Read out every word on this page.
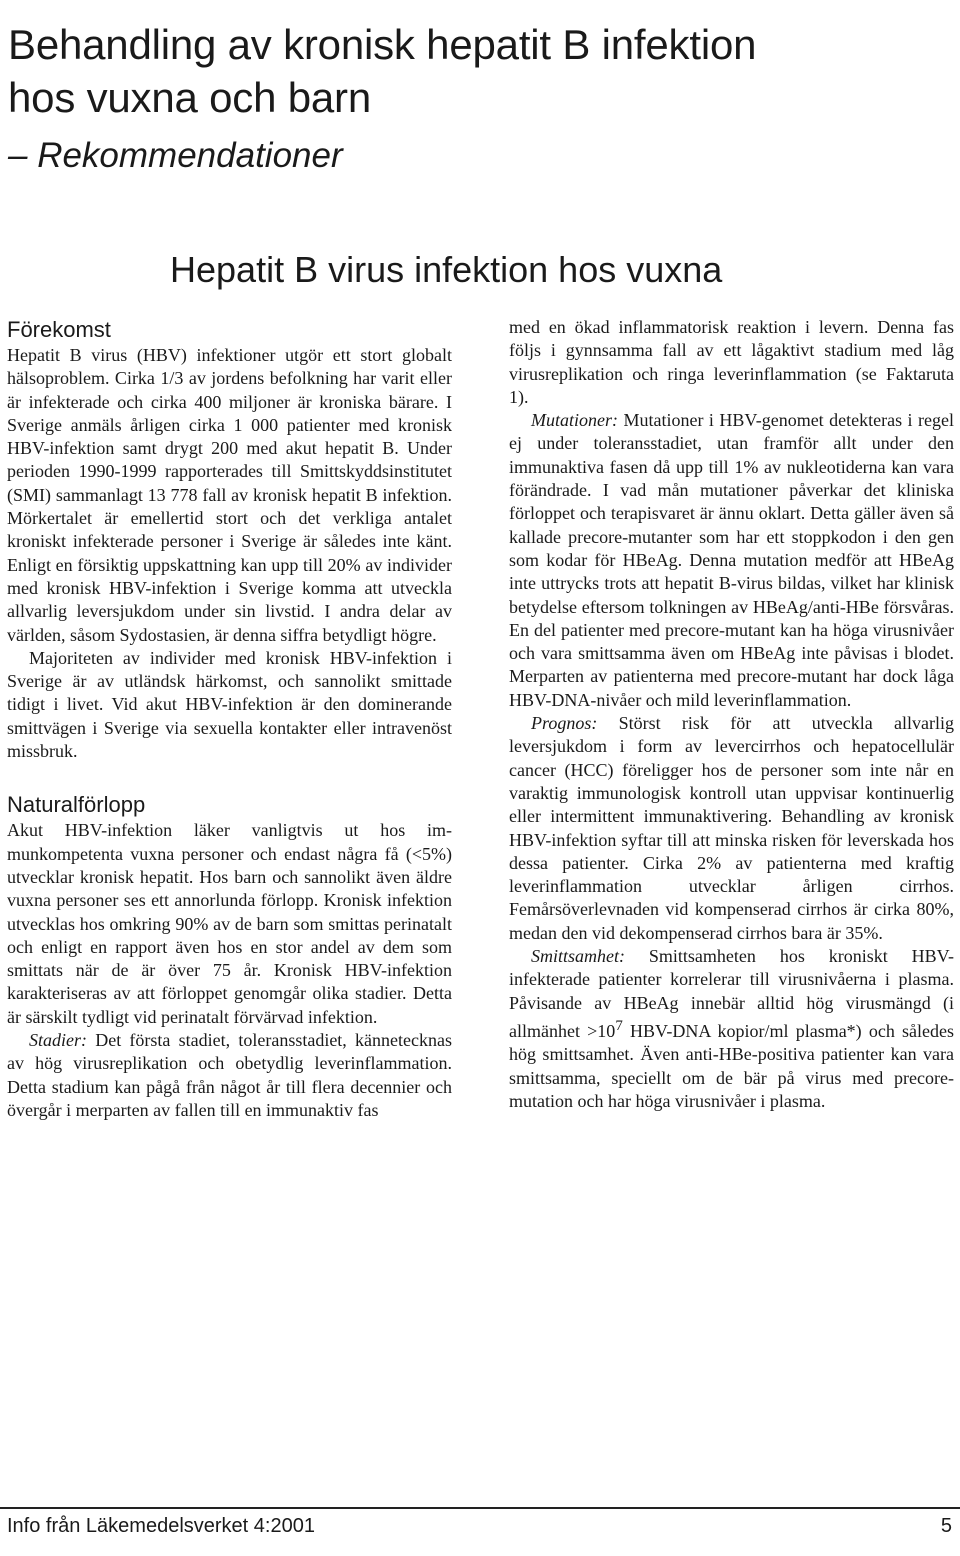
Behandling av kronisk hepatit B infektion
hos vuxna och barn
– Rekommendationer
Hepatit B virus infektion hos vuxna
Förekomst

Hepatit B virus (HBV) infektioner utgör ett stort globalt hälsoproblem. Cirka 1/3 av jordens befolkning har varit eller är infekterade och cirka 400 miljoner är kroniska bärare. I Sverige anmäls årligen cirka 1 000 patienter med kronisk HBV-infektion samt drygt 200 med akut hepatit B. Under perioden 1990-1999 rapporterades till Smittskyddsinstitutet (SMI) sammanlagt 13 778 fall av kronisk hepatit B infektion. Mörkertalet är emellertid stort och det verkliga antalet kroniskt infekterade personer i Sverige är således inte känt. Enligt en försiktig uppskattning kan upp till 20% av individer med kronisk HBV-infektion i Sverige komma att utveckla allvarlig leversjukdom under sin livstid. I andra delar av världen, såsom Sydostasien, är denna siffra betydligt högre.

Majoriteten av individer med kronisk HBV-infektion i Sverige är av utländsk härkomst, och sannolikt smittade tidigt i livet. Vid akut HBV-infektion är den dominerande smittvägen i Sverige via sexuella kontakter eller intravenöst missbruk.

Naturalförlopp

Akut HBV-infektion läker vanligtvis ut hos immunkompetenta vuxna personer och endast några få (<5%) utvecklar kronisk hepatit. Hos barn och sannolikt även äldre vuxna personer ses ett annorlunda förlopp. Kronisk infektion utvecklas hos omkring 90% av de barn som smittas perinatalt och enligt en rapport även hos en stor andel av dem som smittats när de är över 75 år. Kronisk HBV-infektion karakteriseras av att förloppet genomgår olika stadier. Detta är särskilt tydligt vid perinatalt förvärvad infektion.

Stadier: Det första stadiet, toleransstadiet, kännetecknas av hög virusreplikation och obetydlig leverinflammation. Detta stadium kan pågå från något år till flera decennier och övergår i merparten av fallen till en immunaktiv fas

med en ökad inflammatorisk reaktion i levern. Denna fas följs i gynnsamma fall av ett lågaktivt stadium med låg virusreplikation och ringa leverinflammation (se Faktaruta 1).

Mutationer: Mutationer i HBV-genomet detekteras i regel ej under toleransstadiet, utan framför allt under den immunaktiva fasen då upp till 1% av nukleotiderna kan vara förändrade. I vad mån mutationer påverkar det kliniska förloppet och terapisvaret är ännu oklart. Detta gäller även så kallade precore-mutanter som har ett stoppkodon i den gen som kodar för HBeAg. Denna mutation medför att HBeAg inte uttrycks trots att hepatit B-virus bildas, vilket har klinisk betydelse eftersom tolkningen av HBeAg/anti-HBe försvåras. En del patienter med precore-mutant kan ha höga virusnivåer och vara smittsamma även om HBeAg inte påvisas i blodet. Merparten av patienterna med precore-mutant har dock låga HBV-DNA-nivåer och mild leverinflammation.

Prognos: Störst risk för att utveckla allvarlig leversjukdom i form av levercirrhos och hepatocellulär cancer (HCC) föreligger hos de personer som inte når en varaktig immunologisk kontroll utan uppvisar kontinuerlig eller intermittent immunaktivering. Behandling av kronisk HBV-infektion syftar till att minska risken för leverskada hos dessa patienter. Cirka 2% av patienterna med kraftig leverinflammation utvecklar årligen cirrhos. Femårsöverlevnaden vid kompenserad cirrhos är cirka 80%, medan den vid dekompenserad cirrhos bara är 35%.

Smittsamhet: Smittsamheten hos kroniskt HBV-infekterade patienter korrelerar till virusnivåerna i plasma. Påvisande av HBeAg innebär alltid hög virusmängd (i allmänhet $>10^7$ HBV-DNA kopior/ml plasma*) och således hög smittsamhet. Även anti-HBe-positiva patienter kan vara smittsamma, speciellt om de bär på virus med precore-mutation och har höga virusnivåer i plasma.

Info från Läkemedelsverket 4:2001	5
